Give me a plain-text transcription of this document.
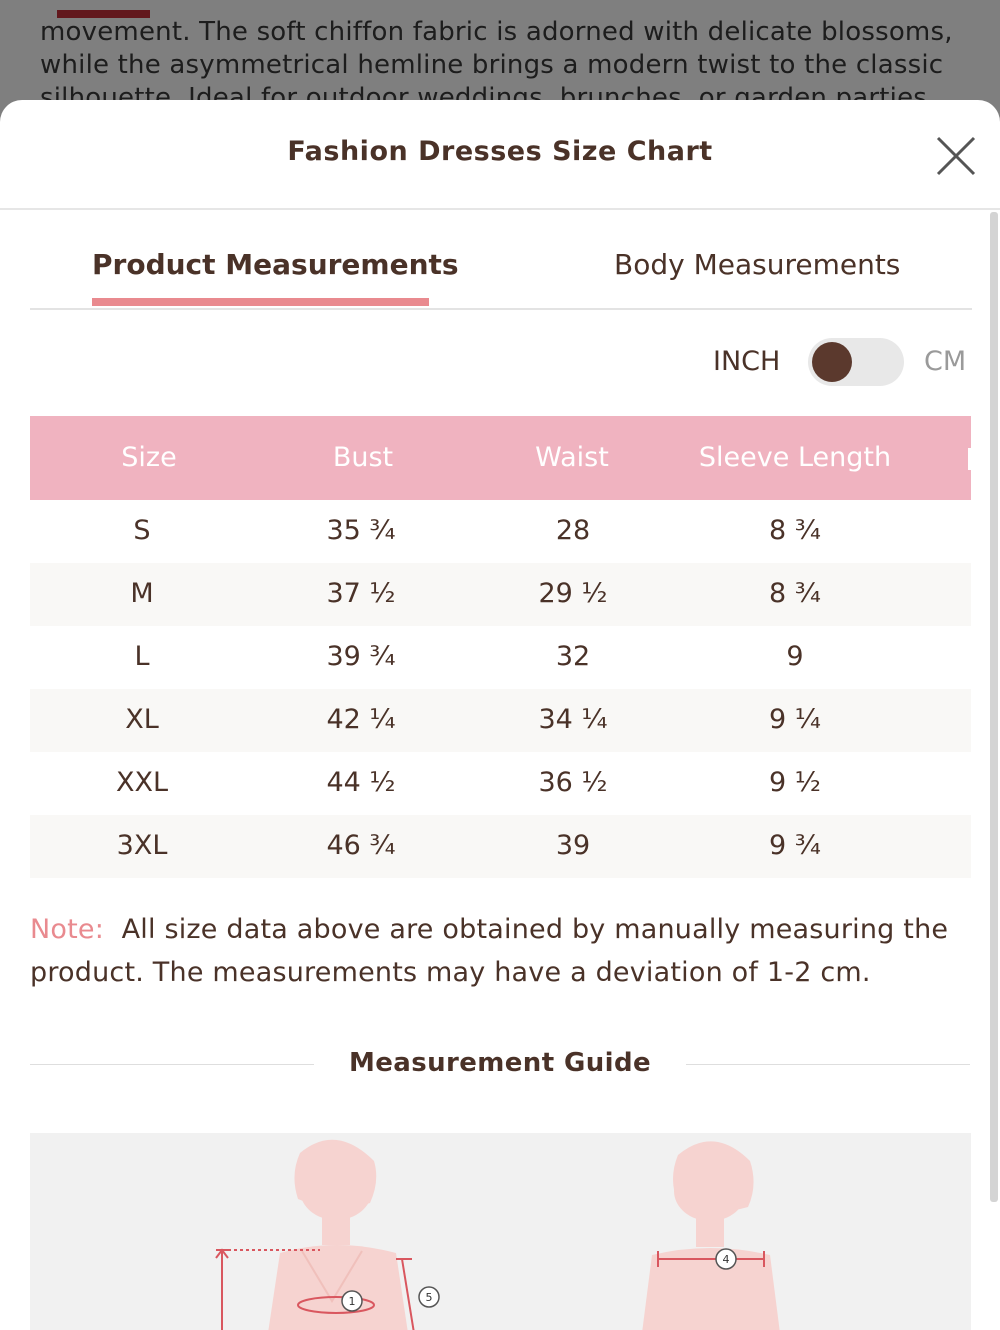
Fashion Dresses Size Chart
Product Measurements	Body Measurements
INCH	CM
Size	Bust	Waist	Sleeve Length
S	35 ¾	28	8 ¾
M	37 ½	29 ½	8 ¾
L	39 ¾	32	9
XL	42 ¼	34 ¼	9 ¼
XXL	44 ½	36 ½	9 ½
3XL	46 ¾	39	9 ¾
Note: All size data above are obtained by manually measuring the product. The measurements may have a deviation of 1-2 cm.
Measurement Guide
1	5
4
